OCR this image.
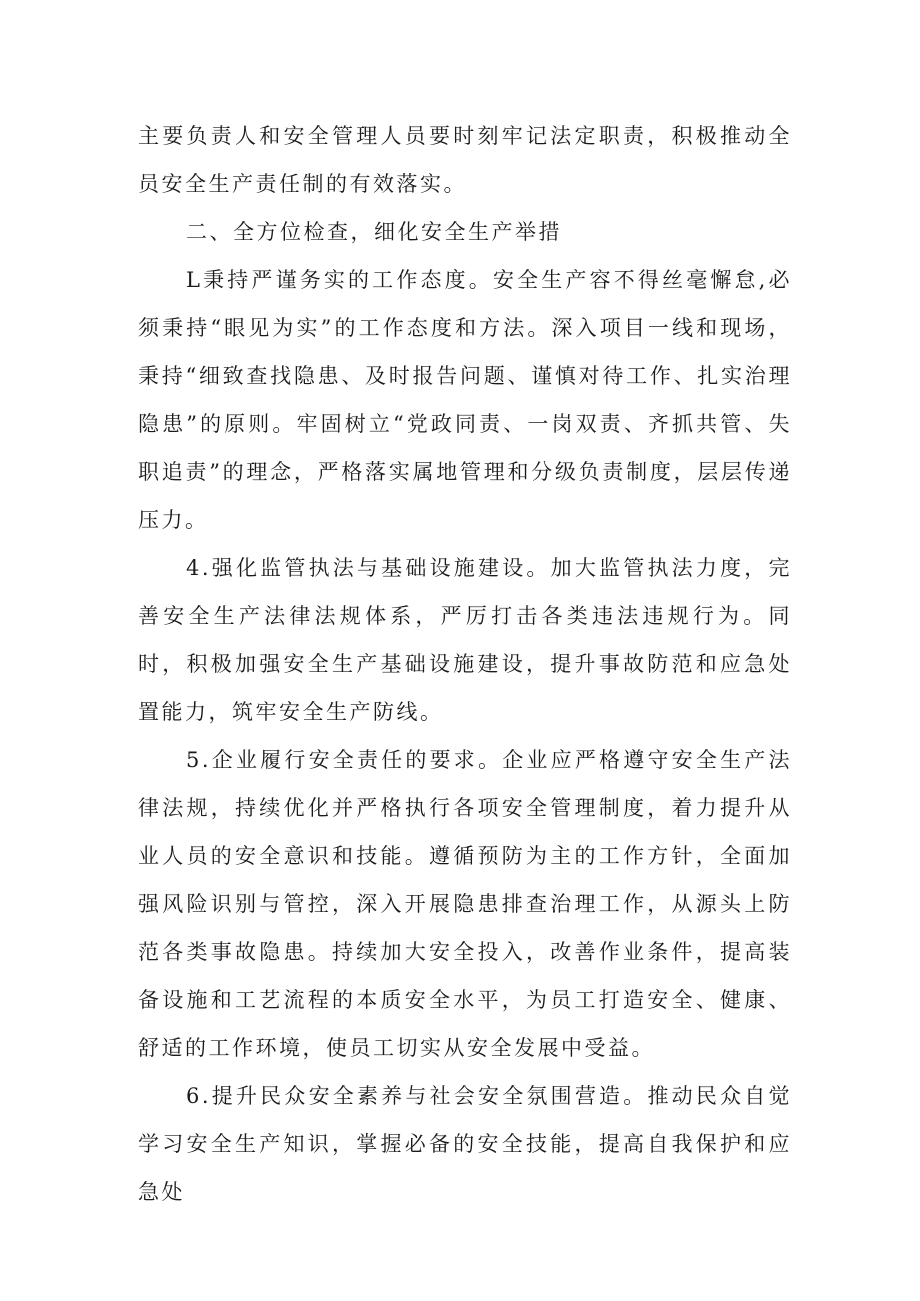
主要负责人和安全管理人员要时刻牢记法定职责，积极推动全员安全生产责任制的有效落实。

二、全方位检查，细化安全生产举措

L秉持严谨务实的工作态度。安全生产容不得丝毫懈怠,必须秉持“眼见为实”的工作态度和方法。深入项目一线和现场，秉持“细致查找隐患、及时报告问题、谨慎对待工作、扎实治理隐患”的原则。牢固树立“党政同责、一岗双责、齐抓共管、失职追责”的理念，严格落实属地管理和分级负责制度，层层传递压力。

4.强化监管执法与基础设施建设。加大监管执法力度，完善安全生产法律法规体系，严厉打击各类违法违规行为。同时，积极加强安全生产基础设施建设，提升事故防范和应急处置能力，筑牢安全生产防线。

5.企业履行安全责任的要求。企业应严格遵守安全生产法律法规，持续优化并严格执行各项安全管理制度，着力提升从业人员的安全意识和技能。遵循预防为主的工作方针，全面加强风险识别与管控，深入开展隐患排查治理工作，从源头上防范各类事故隐患。持续加大安全投入，改善作业条件，提高装备设施和工艺流程的本质安全水平，为员工打造安全、健康、舒适的工作环境，使员工切实从安全发展中受益。

6.提升民众安全素养与社会安全氛围营造。推动民众自觉学习安全生产知识，掌握必备的安全技能，提高自我保护和应急处
